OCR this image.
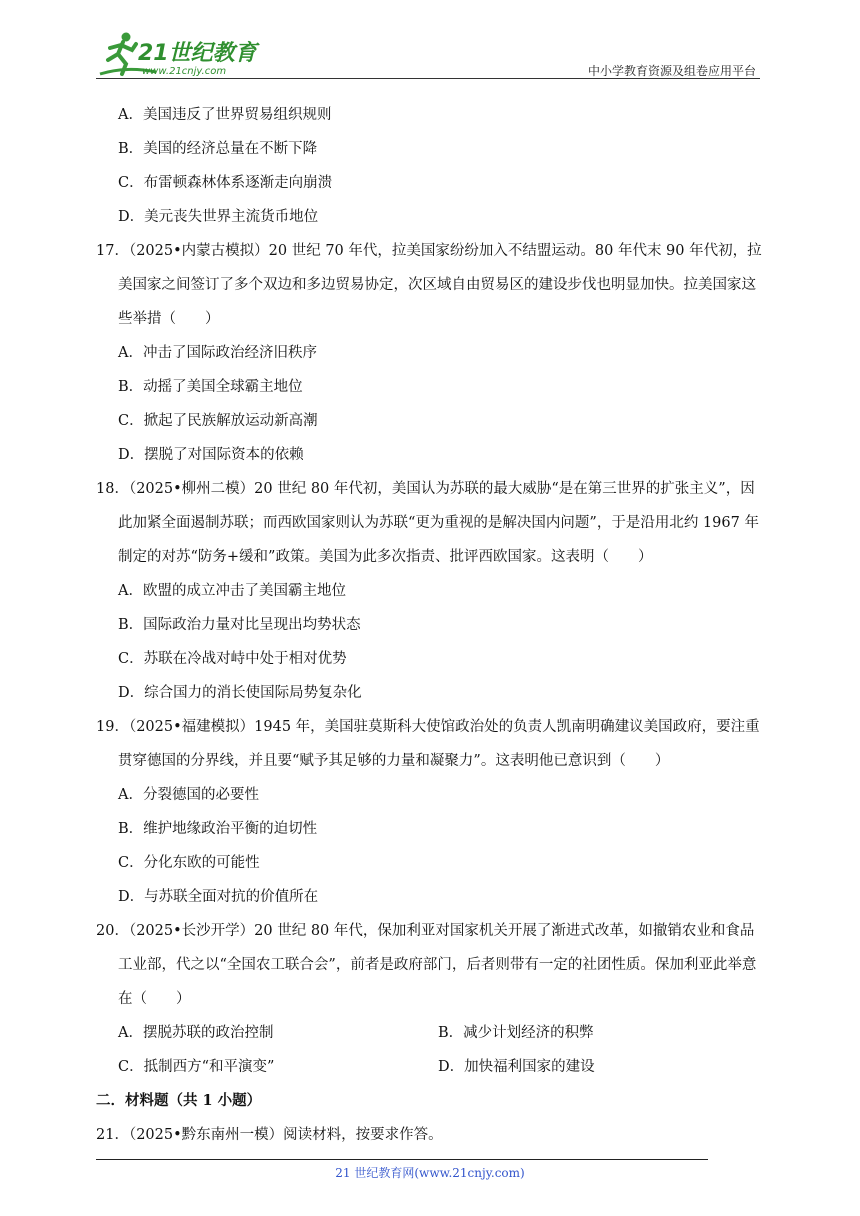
21世纪教育
www.21cnjy.com	中小学教育资源及组卷应用平台
A．美国违反了世界贸易组织规则
B．美国的经济总量在不断下降
C．布雷顿森林体系逐渐走向崩溃
D．美元丧失世界主流货币地位
17．（2025•内蒙古模拟）20 世纪 70 年代，拉美国家纷纷加入不结盟运动。80 年代末 90 年代初，拉美国家之间签订了多个双边和多边贸易协定，次区域自由贸易区的建设步伐也明显加快。拉美国家这些举措（　　）
A．冲击了国际政治经济旧秩序
B．动摇了美国全球霸主地位
C．掀起了民族解放运动新高潮
D．摆脱了对国际资本的依赖
18．（2025•柳州二模）20 世纪 80 年代初，美国认为苏联的最大威胁“是在第三世界的扩张主义”，因此加紧全面遏制苏联；而西欧国家则认为苏联“更为重视的是解决国内问题”，于是沿用北约 1967 年制定的对苏“防务+缓和”政策。美国为此多次指责、批评西欧国家。这表明（　　）
A．欧盟的成立冲击了美国霸主地位
B．国际政治力量对比呈现出均势状态
C．苏联在冷战对峙中处于相对优势
D．综合国力的消长使国际局势复杂化
19．（2025•福建模拟）1945 年，美国驻莫斯科大使馆政治处的负责人凯南明确建议美国政府，要注重贯穿德国的分界线，并且要“赋予其足够的力量和凝聚力”。这表明他已意识到（　　）
A．分裂德国的必要性
B．维护地缘政治平衡的迫切性
C．分化东欧的可能性
D．与苏联全面对抗的价值所在
20．（2025•长沙开学）20 世纪 80 年代，保加利亚对国家机关开展了渐进式改革，如撤销农业和食品工业部，代之以“全国农工联合会”，前者是政府部门，后者则带有一定的社团性质。保加利亚此举意在（　　）
A．摆脱苏联的政治控制	B．减少计划经济的积弊
C．抵制西方“和平演变”	D．加快福利国家的建设
二．材料题（共 1 小题）
21．（2025•黔东南州一模）阅读材料，按要求作答。
21 世纪教育网(www.21cnjy.com)
